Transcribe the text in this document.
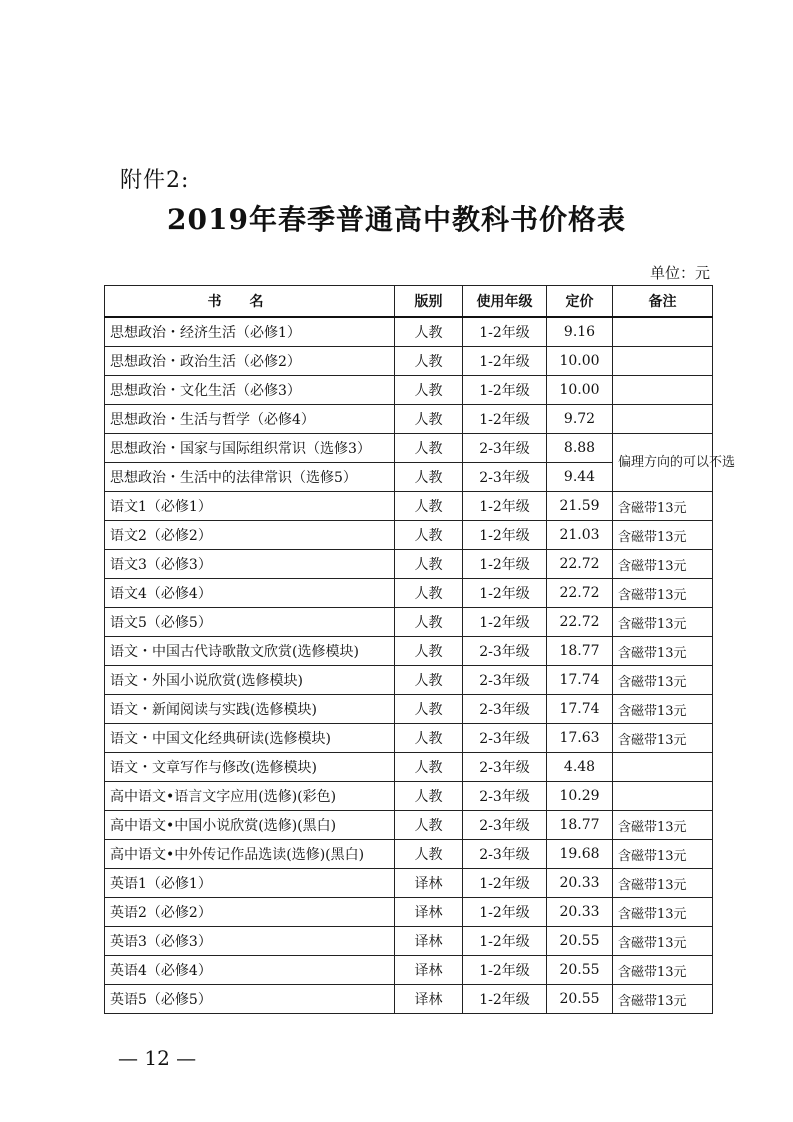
附件2:
2019年春季普通高中教科书价格表
单位：元
书名	版别	使用年级	定价	备注
思想政治・经济生活（必修1）	人教	1-2年级	9.16	
思想政治・政治生活（必修2）	人教	1-2年级	10.00	
思想政治・文化生活（必修3）	人教	1-2年级	10.00	
思想政治・生活与哲学（必修4）	人教	1-2年级	9.72	
思想政治・国家与国际组织常识（选修3）	人教	2-3年级	8.88	偏理方向的可以不选
思想政治・生活中的法律常识（选修5）	人教	2-3年级	9.44	
语文1（必修1）	人教	1-2年级	21.59	含磁带13元
语文2（必修2）	人教	1-2年级	21.03	含磁带13元
语文3（必修3）	人教	1-2年级	22.72	含磁带13元
语文4（必修4）	人教	1-2年级	22.72	含磁带13元
语文5（必修5）	人教	1-2年级	22.72	含磁带13元
语文・中国古代诗歌散文欣赏(选修模块)	人教	2-3年级	18.77	含磁带13元
语文・外国小说欣赏(选修模块)	人教	2-3年级	17.74	含磁带13元
语文・新闻阅读与实践(选修模块)	人教	2-3年级	17.74	含磁带13元
语文・中国文化经典研读(选修模块)	人教	2-3年级	17.63	含磁带13元
语文・文章写作与修改(选修模块)	人教	2-3年级	4.48	
高中语文•语言文字应用(选修)(彩色)	人教	2-3年级	10.29	
高中语文•中国小说欣赏(选修)(黑白)	人教	2-3年级	18.77	含磁带13元
高中语文•中外传记作品选读(选修)(黑白)	人教	2-3年级	19.68	含磁带13元
英语1（必修1）	译林	1-2年级	20.33	含磁带13元
英语2（必修2）	译林	1-2年级	20.33	含磁带13元
英语3（必修3）	译林	1-2年级	20.55	含磁带13元
英语4（必修4）	译林	1-2年级	20.55	含磁带13元
英语5（必修5）	译林	1-2年级	20.55	含磁带13元
— 12 —
